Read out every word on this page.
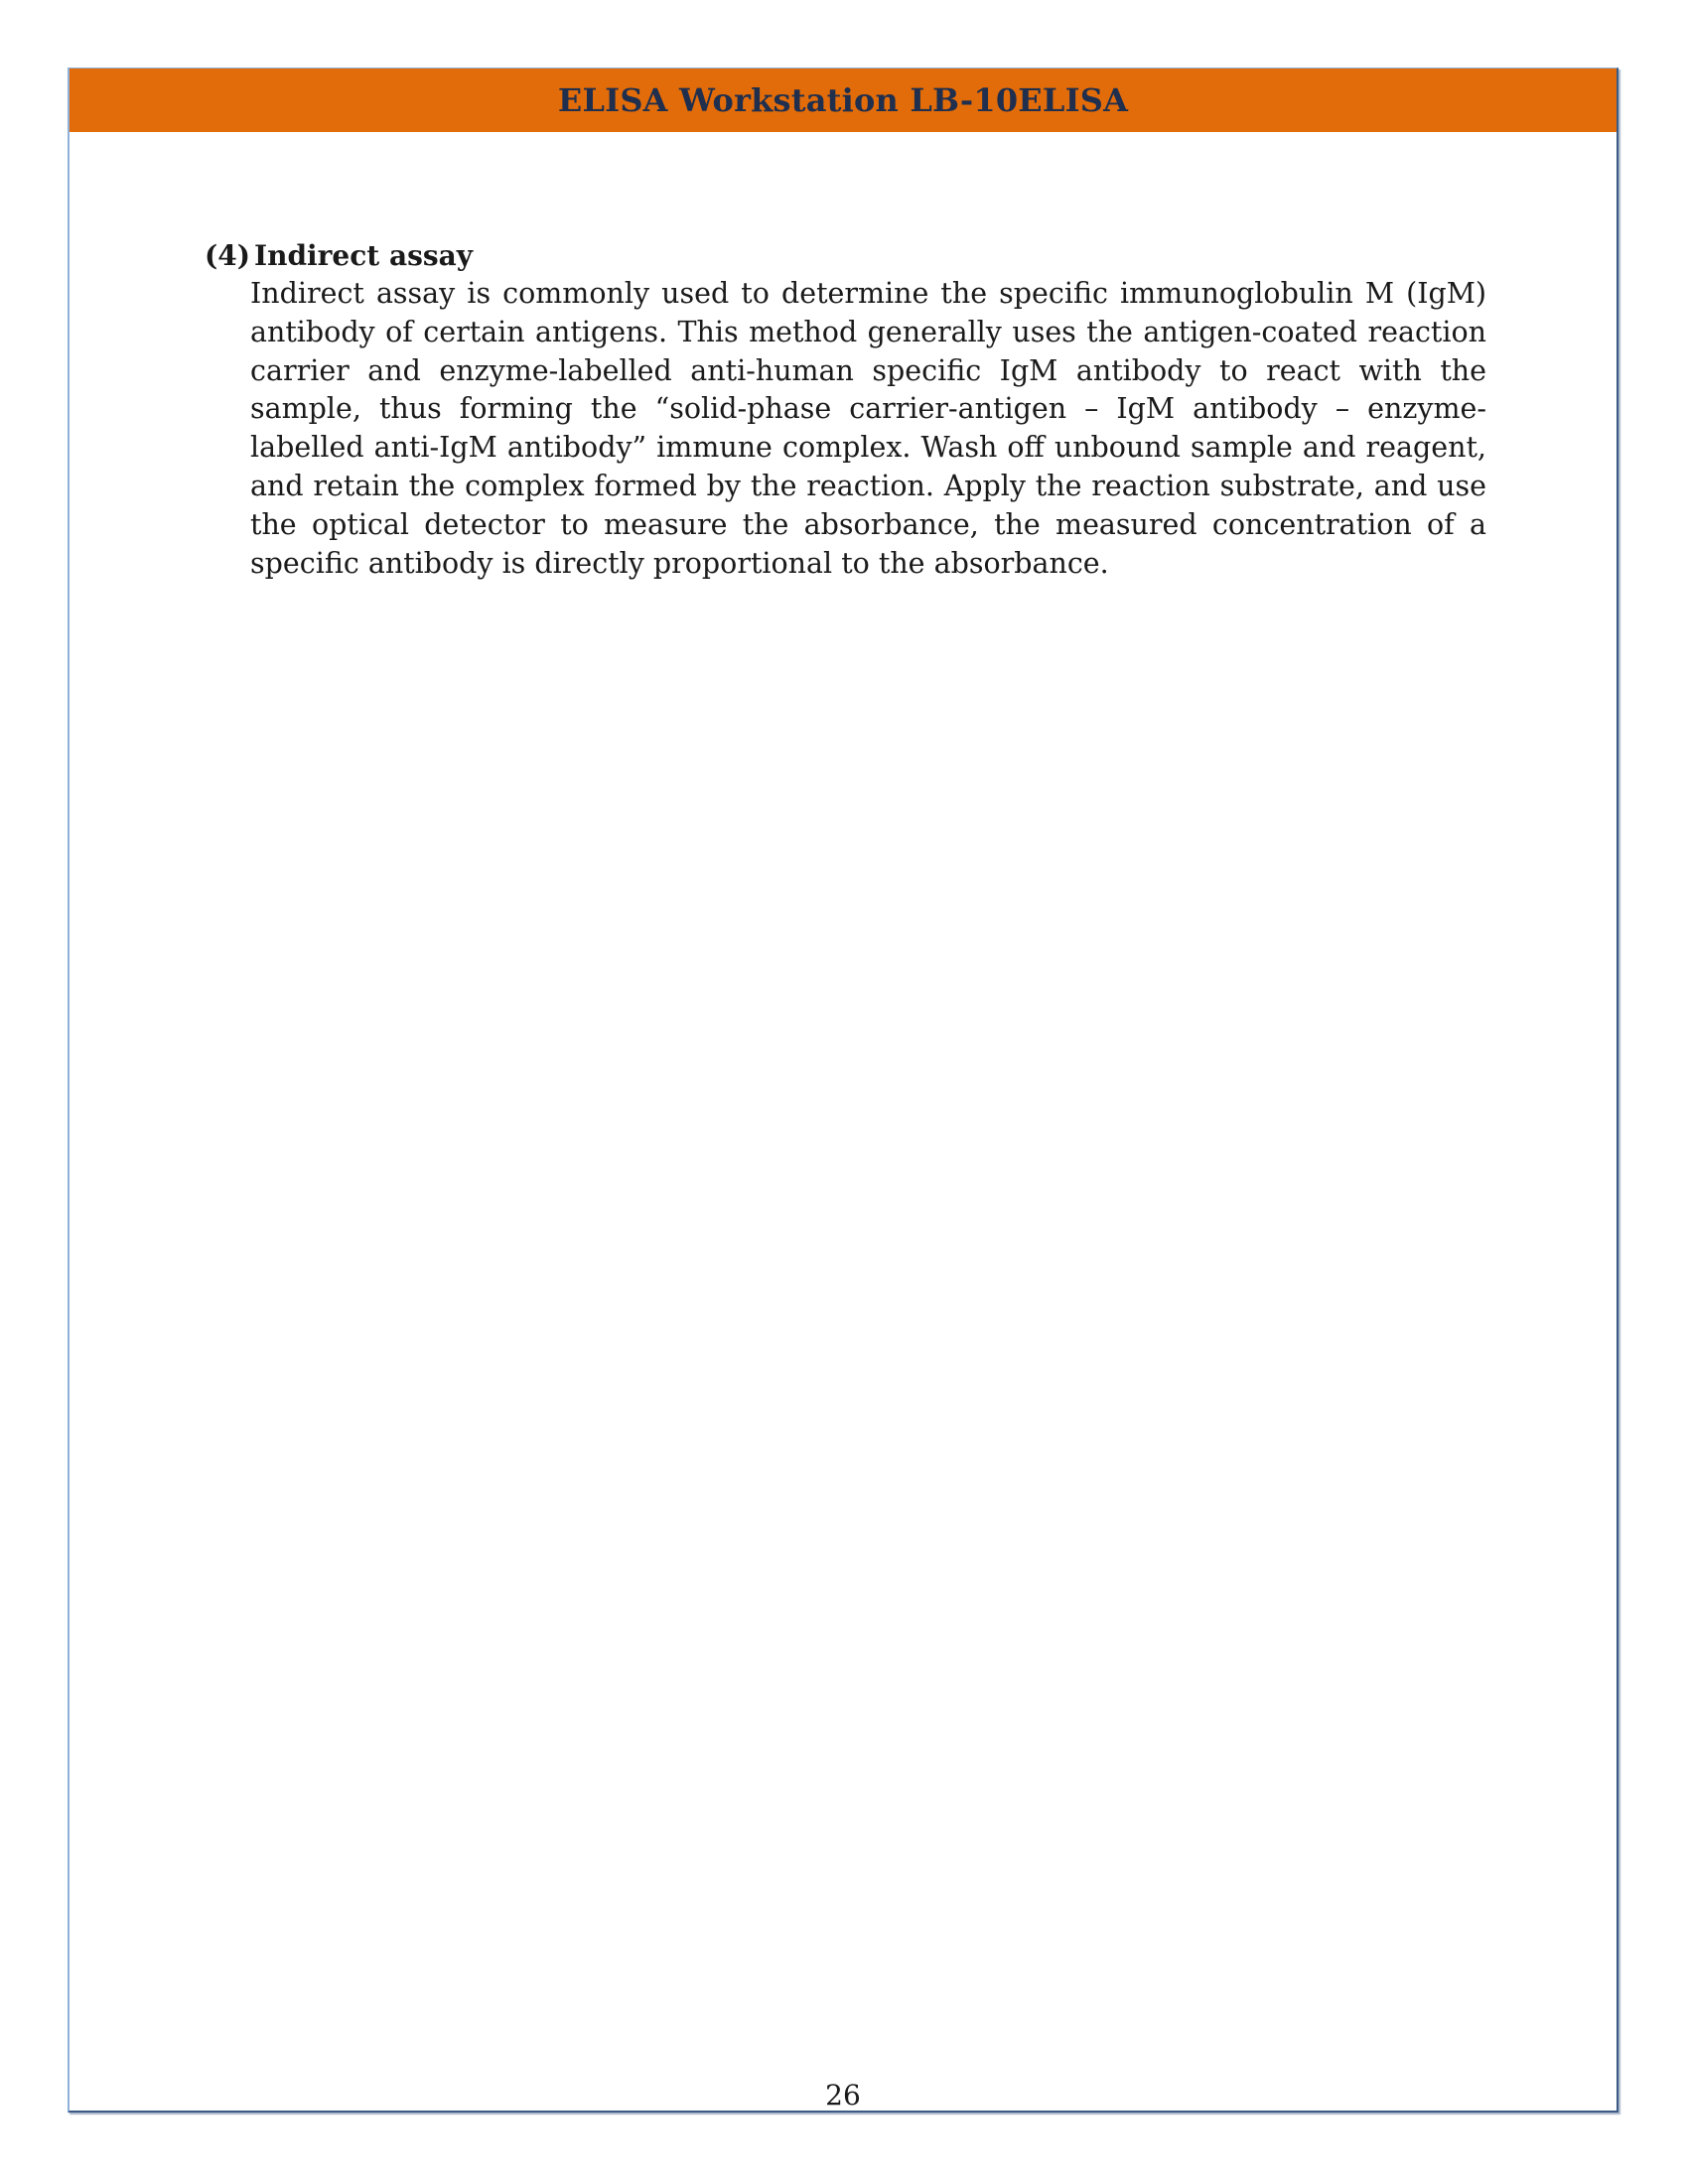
ELISA Workstation LB-10ELISA
(4) Indirect assay

Indirect assay is commonly used to determine the specific immunoglobulin M (IgM) antibody of certain antigens. This method generally uses the antigen-coated reaction carrier and enzyme-labelled anti-human specific IgM antibody to react with the sample, thus forming the “solid-phase carrier-antigen – IgM antibody – enzyme-labelled anti-IgM antibody” immune complex. Wash off unbound sample and reagent, and retain the complex formed by the reaction. Apply the reaction substrate, and use the optical detector to measure the absorbance, the measured concentration of a specific antibody is directly proportional to the absorbance.

26
